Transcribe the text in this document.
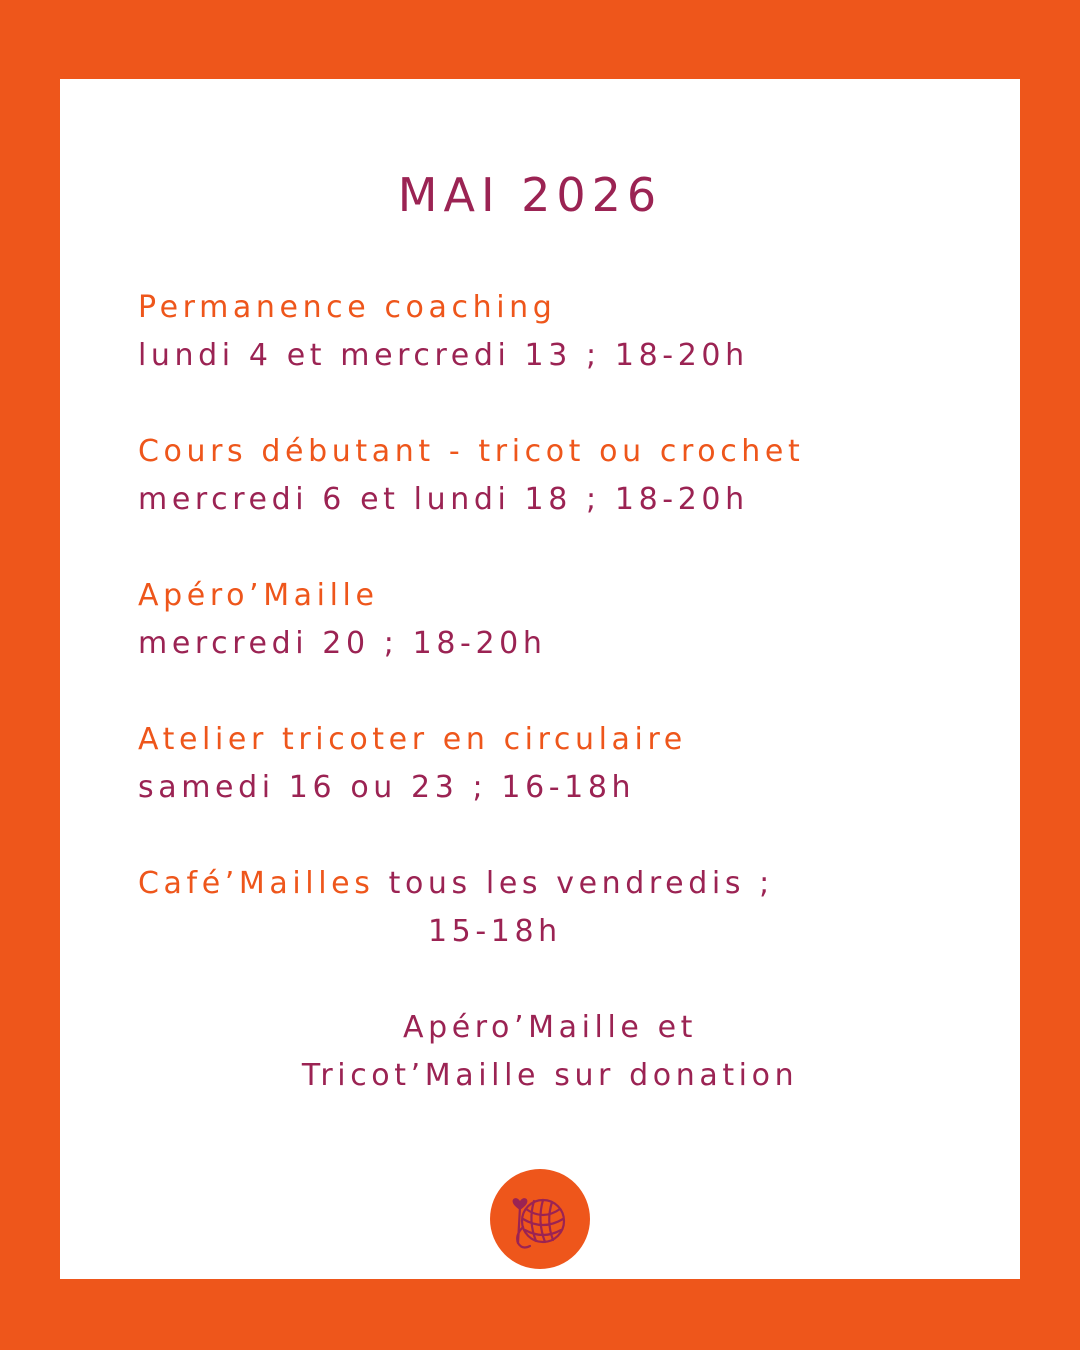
MAI 2026
Permanence coaching
lundi 4 et mercredi 13 ; 18-20h
Cours débutant - tricot ou crochet
mercredi 6 et lundi 18 ; 18-20h
Apéro’Maille
mercredi 20 ; 18-20h
Atelier tricoter en circulaire
samedi 16 ou 23 ; 16-18h
Café’Mailles tous les vendredis ;
15-18h
Apéro’Maille et
Tricot’Maille sur donation
